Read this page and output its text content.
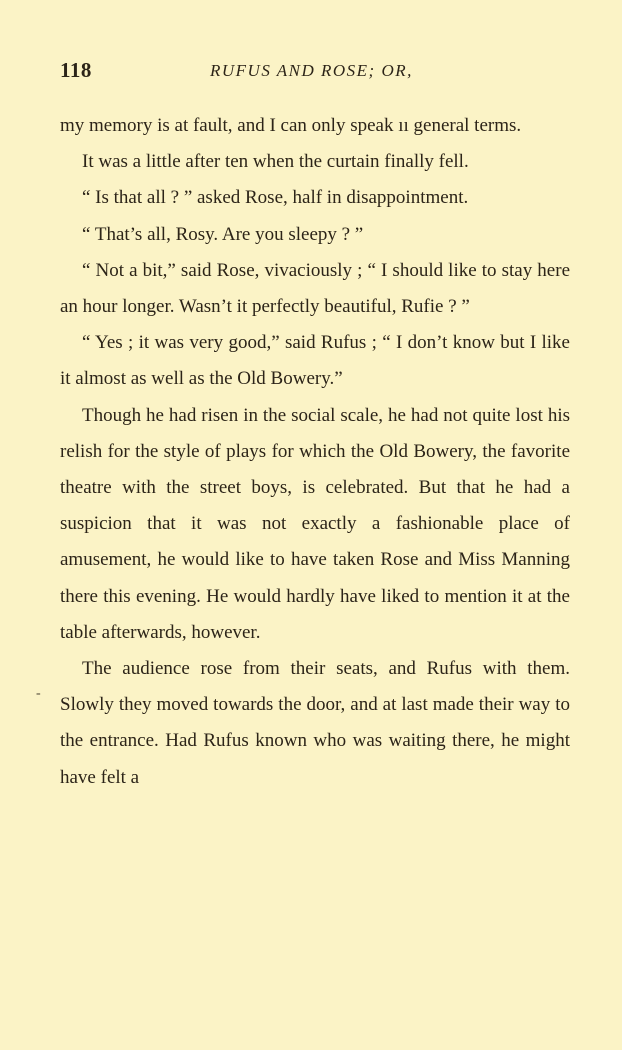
118	RUFUS AND ROSE; OR,
-

my memory is at fault, and I can only speak ıı general terms.

It was a little after ten when the curtain finally fell.

“ Is that all ? ” asked Rose, half in disappointment.

“ That’s all, Rosy. Are you sleepy ? ”

“ Not a bit,” said Rose, vivaciously ; “ I should like to stay here an hour longer. Wasn’t it perfectly beautiful, Rufie ? ”

“ Yes ; it was very good,” said Rufus ; “ I don’t know but I like it almost as well as the Old Bowery.”

Though he had risen in the social scale, he had not quite lost his relish for the style of plays for which the Old Bowery, the favorite theatre with the street boys, is celebrated. But that he had a suspicion that it was not exactly a fashionable place of amusement, he would like to have taken Rose and Miss Manning there this evening. He would hardly have liked to mention it at the table afterwards, however.

The audience rose from their seats, and Rufus with them. Slowly they moved towards the door, and at last made their way to the entrance. Had Rufus known who was waiting there, he might have felt a
